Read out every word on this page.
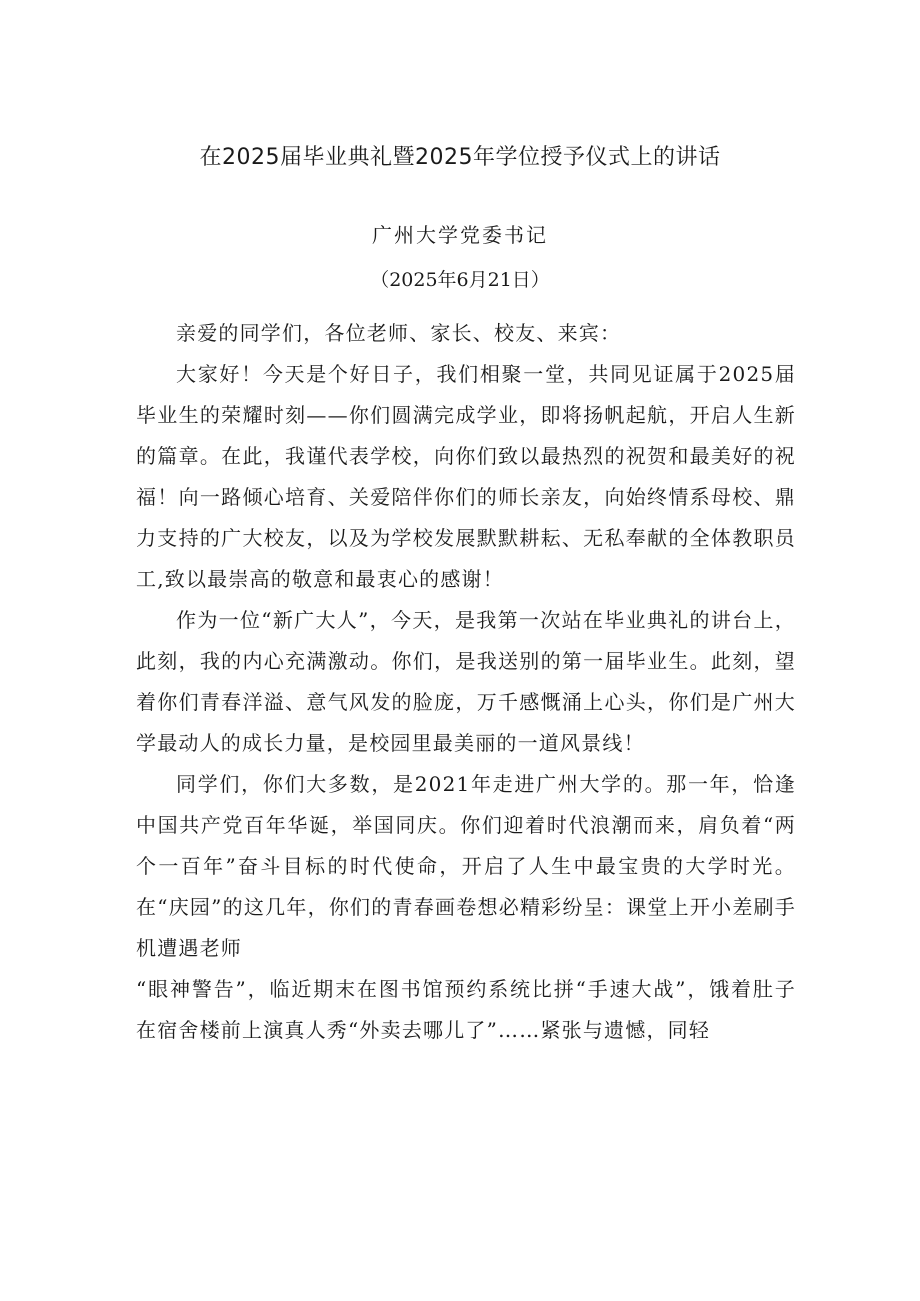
在2025届毕业典礼暨2025年学位授予仪式上的讲话
广州大学党委书记
（2025年6月21日）

亲爱的同学们，各位老师、家长、校友、来宾：

大家好！今天是个好日子，我们相聚一堂，共同见证属于2025届毕业生的荣耀时刻——你们圆满完成学业，即将扬帆起航，开启人生新的篇章。在此，我谨代表学校，向你们致以最热烈的祝贺和最美好的祝福！向一路倾心培育、关爱陪伴你们的师长亲友，向始终情系母校、鼎力支持的广大校友，以及为学校发展默默耕耘、无私奉献的全体教职员工,致以最崇高的敬意和最衷心的感谢！

作为一位“新广大人”，今天，是我第一次站在毕业典礼的讲台上，此刻，我的内心充满激动。你们，是我送别的第一届毕业生。此刻，望着你们青春洋溢、意气风发的脸庞，万千感慨涌上心头，你们是广州大学最动人的成长力量，是校园里最美丽的一道风景线！

同学们，你们大多数，是2021年走进广州大学的。那一年，恰逢中国共产党百年华诞，举国同庆。你们迎着时代浪潮而来，肩负着“两个一百年”奋斗目标的时代使命，开启了人生中最宝贵的大学时光。在“庆园”的这几年，你们的青春画卷想必精彩纷呈：课堂上开小差刷手机遭遇老师

“眼神警告”，临近期末在图书馆预约系统比拼“手速大战”，饿着肚子在宿舍楼前上演真人秀“外卖去哪儿了”……紧张与遗憾，同轻
